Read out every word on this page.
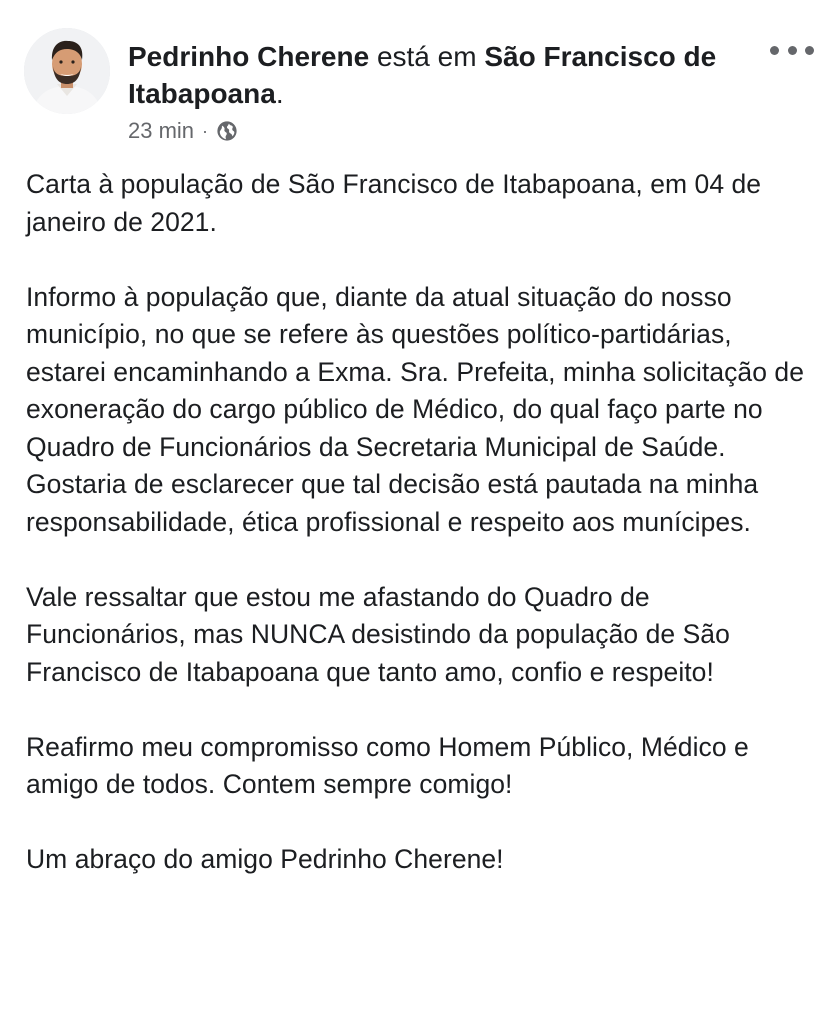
Pedrinho Cherene está em São Francisco de Itabapoana.
23 min ·

Carta à população de São Francisco de Itabapoana, em 04 de janeiro de 2021.

Informo à população que, diante da atual situação do nosso município, no que se refere às questões político-partidárias, estarei encaminhando a Exma. Sra. Prefeita, minha solicitação de exoneração do cargo público de Médico, do qual faço parte no Quadro de Funcionários da Secretaria Municipal de Saúde. Gostaria de esclarecer que tal decisão está pautada na minha responsabilidade, ética profissional e respeito aos munícipes.

Vale ressaltar que estou me afastando do Quadro de Funcionários, mas NUNCA desistindo da população de São Francisco de Itabapoana que tanto amo, confio e respeito!

Reafirmo meu compromisso como Homem Público, Médico e amigo de todos. Contem sempre comigo!

Um abraço do amigo Pedrinho Cherene!
